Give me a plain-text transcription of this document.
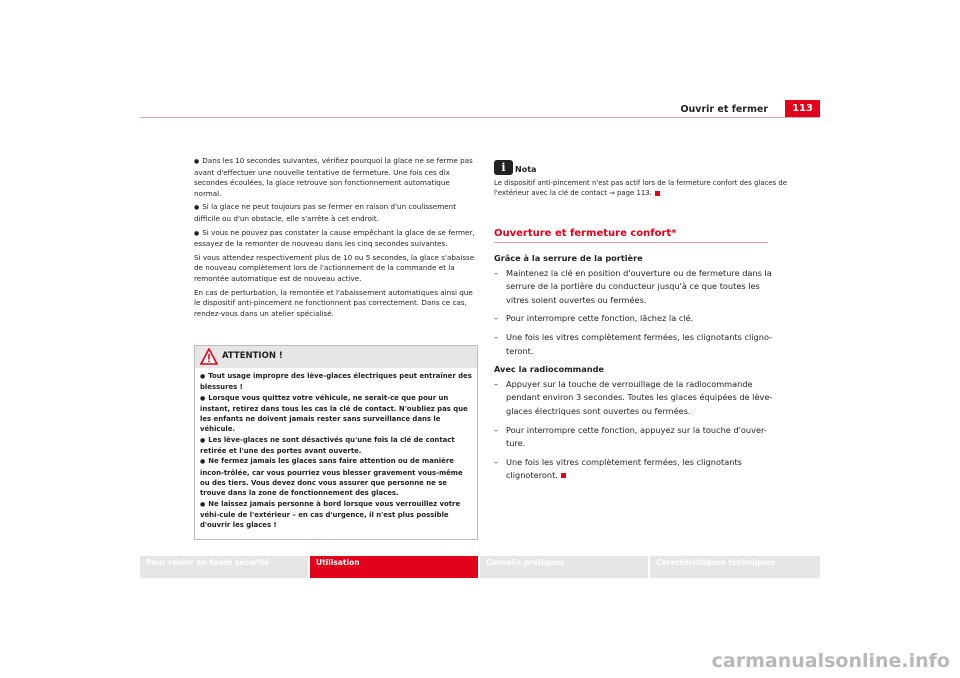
Ouvrir et fermer	113

● Dans les 10 secondes suivantes, vérifiez pourquoi la glace ne se ferme pas avant d'effectuer une nouvelle tentative de fermeture. Une fois ces dix secondes écoulées, la glace retrouve son fonctionnement automatique normal.

● Si la glace ne peut toujours pas se fermer en raison d'un coulissement difficile ou d'un obstacle, elle s'arrête à cet endroit.

● Si vous ne pouvez pas constater la cause empêchant la glace de se fermer, essayez de la remonter de nouveau dans les cinq secondes suivantes.

Si vous attendez respectivement plus de 10 ou 5 secondes, la glace s'abaisse de nouveau complètement lors de l'actionnement de la commande et la remontée automatique est de nouveau active.

En cas de perturbation, la remontée et l'abaissement automatiques ainsi que le dispositif anti-pincement ne fonctionnent pas correctement. Dans ce cas, rendez-vous dans un atelier spécialisé.

ATTENTION !

● Tout usage impropre des lève-glaces électriques peut entraîner des blessures !

● Lorsque vous quittez votre véhicule, ne serait-ce que pour un instant, retirez dans tous les cas la clé de contact. N'oubliez pas que les enfants ne doivent jamais rester sans surveillance dans le véhicule.

● Les lève-glaces ne sont désactivés qu'une fois la clé de contact retirée et l'une des portes avant ouverte.

● Ne fermez jamais les glaces sans faire attention ou de manière incon-trôlée, car vous pourriez vous blesser gravement vous-même ou des tiers. Vous devez donc vous assurer que personne ne se trouve dans la zone de fonctionnement des glaces.

● Ne laissez jamais personne à bord lorsque vous verrouillez votre véhi-cule de l'extérieur – en cas d'urgence, il n'est plus possible d'ouvrir les glaces !

i	Nota
Le dispositif anti-pincement n'est pas actif lors de la fermeture confort des glaces de l'extérieur avec la clé de contact ⇒ page 113.
Ouverture et fermeture confort*

Grâce à la serrure de la portière

– Maintenez la clé en position d'ouverture ou de fermeture dans la serrure de la portière du conducteur jusqu'à ce que toutes les vitres soient ouvertes ou fermées.

– Pour interrompre cette fonction, lâchez la clé.

– Une fois les vitres complètement fermées, les clignotants cligno-teront.

Avec la radiocommande

– Appuyer sur la touche de verrouillage de la radiocommande pendant environ 3 secondes. Toutes les glaces équipées de lève-glaces électriques sont ouvertes ou fermées.

– Pour interrompre cette fonction, appuyez sur la touche d'ouver-ture.

– Une fois les vitres complètement fermées, les clignotants clignoteront.

Pour rouler en toute sécurité	Utilisation	Conseils pratiques	Caractéristiques techniques
carmanualsonline.info
